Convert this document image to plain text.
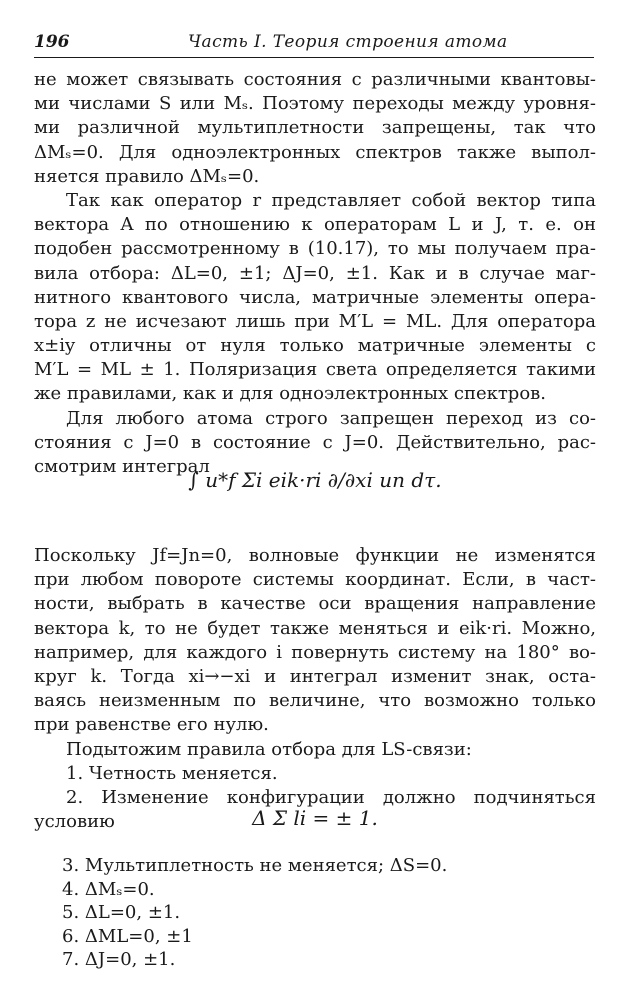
196	Часть I. Теория строения атома
не может связывать состояния с различными квантовы-
ми числами S или Mₛ. Поэтому переходы между уровня-
ми различной мультиплетности запрещены, так что
ΔMₛ=0. Для одноэлектронных спектров также выпол-
няется правило ΔMₛ=0.
Так как оператор r представляет собой вектор типа
вектора A по отношению к операторам L и J, т. е. он
подобен рассмотренному в (10.17), то мы получаем пра-
вила отбора: ΔL=0, ±1; ΔJ=0, ±1. Как и в случае маг-
нитного квантового числа, матричные элементы опера-
тора z не исчезают лишь при M′L = ML. Для оператора
x±iy отличны от нуля только матричные элементы с
M′L = ML ± 1. Поляризация света определяется такими
же правилами, как и для одноэлектронных спектров.
Для любого атома строго запрещен переход из со-
стояния с J=0 в состояние с J=0. Действительно, рас-
смотрим интеграл
∫ u*f Σi eik·ri ∂/∂xi un dτ.
Поскольку Jf=Jn=0, волновые функции не изменятся
при любом повороте системы координат. Если, в част-
ности, выбрать в качестве оси вращения направление
вектора k, то не будет также меняться и eik·ri. Можно,
например, для каждого i повернуть систему на 180° во-
круг k. Тогда xi→−xi и интеграл изменит знак, оста-
ваясь неизменным по величине, что возможно только
при равенстве его нулю.
Подытожим правила отбора для LS-связи:
1. Четность меняется.
2. Изменение конфигурации должно подчиняться
условию	Δ Σ li = ± 1.
3. Мультиплетность не меняется; ΔS=0.
4. ΔMₛ=0.
5. ΔL=0, ±1.
6. ΔML=0, ±1
7. ΔJ=0, ±1.
